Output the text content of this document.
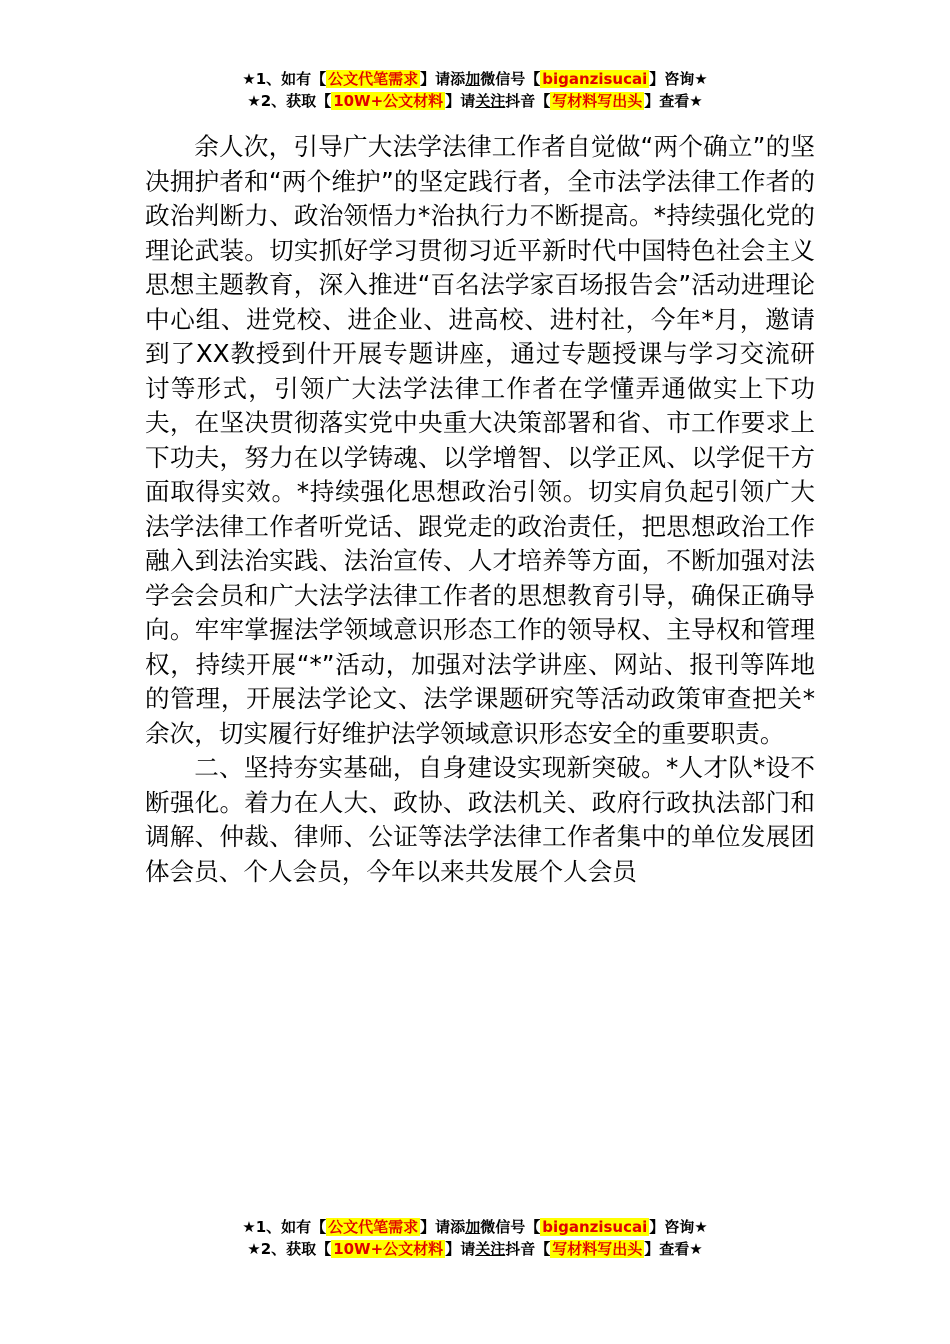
★1、如有【 公文代笔需求 】请添加微信号【 biganzisucai 】咨询★
★2、获取【 10W+公文材料 】请关注抖音【 写材料写出头 】查看★

余人次，引导广大法学法律工作者自觉做“两个确立”的坚决拥护者和“两个维护”的坚定践行者，全市法学法律工作者的政治判断力、政治领悟力*治执行力不断提高。*持续强化党的理论武装。切实抓好学习贯彻习近平新时代中国特色社会主义思想主题教育，深入推进“百名法学家百场报告会”活动进理论中心组、进党校、进企业、进高校、进村社，今年*月，邀请到了XX教授到什开展专题讲座，通过专题授课与学习交流研讨等形式，引领广大法学法律工作者在学懂弄通做实上下功夫，在坚决贯彻落实党中央重大决策部署和省、市工作要求上下功夫，努力在以学铸魂、以学增智、以学正风、以学促干方面取得实效。*持续强化思想政治引领。切实肩负起引领广大法学法律工作者听党话、跟党走的政治责任，把思想政治工作融入到法治实践、法治宣传、人才培养等方面，不断加强对法学会会员和广大法学法律工作者的思想教育引导，确保正确导向。牢牢掌握法学领域意识形态工作的领导权、主导权和管理权，持续开展“*”活动，加强对法学讲座、网站、报刊等阵地的管理，开展法学论文、法学课题研究等活动政策审查把关*余次，切实履行好维护法学领域意识形态安全的重要职责。

二、坚持夯实基础，自身建设实现新突破。*人才队*设不断强化。着力在人大、政协、政法机关、政府行政执法部门和调解、仲裁、律师、公证等法学法律工作者集中的单位发展团体会员、个人会员，今年以来共发展个人会员

★1、如有【 公文代笔需求 】请添加微信号【 biganzisucai 】咨询★
★2、获取【 10W+公文材料 】请关注抖音【 写材料写出头 】查看★
